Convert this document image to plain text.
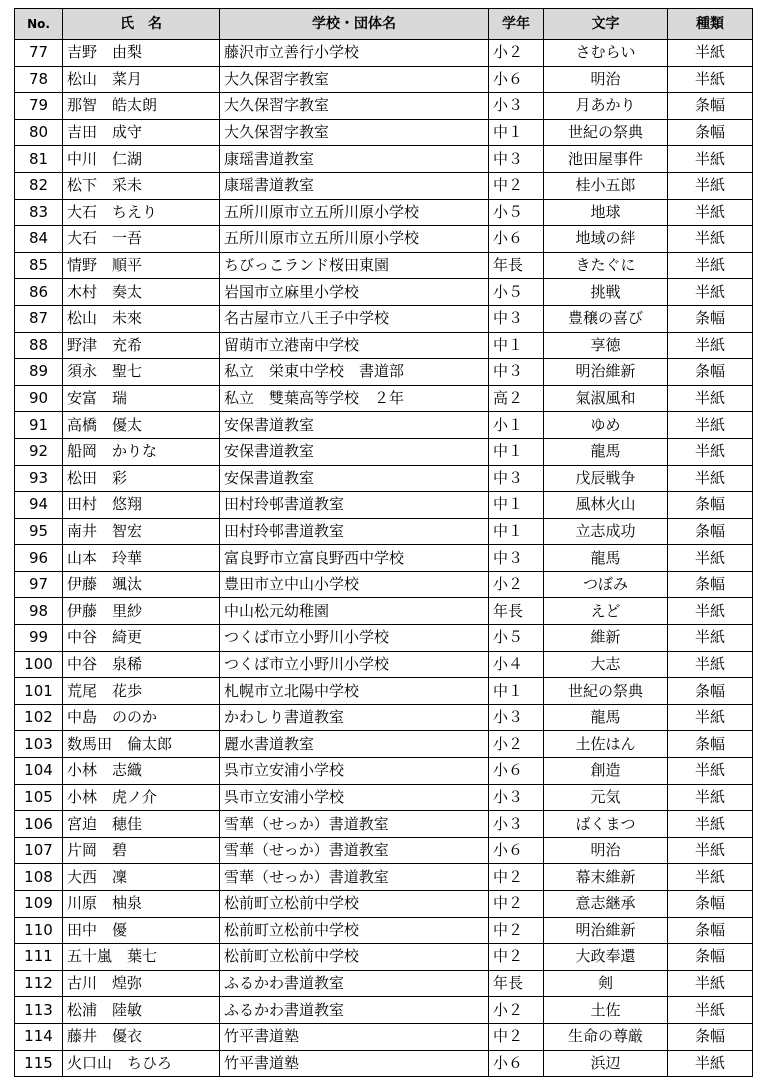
No.	氏　名	学校・団体名	学年	文字	種類
77	吉野　由梨	藤沢市立善行小学校	小２	さむらい	半紙
78	松山　菜月	大久保習字教室	小６	明治	半紙
79	那智　皓太朗	大久保習字教室	小３	月あかり	条幅
80	吉田　成守	大久保習字教室	中１	世紀の祭典	条幅
81	中川　仁湖	康瑶書道教室	中３	池田屋事件	半紙
82	松下　采未	康瑶書道教室	中２	桂小五郎	半紙
83	大石　ちえり	五所川原市立五所川原小学校	小５	地球	半紙
84	大石　一吾	五所川原市立五所川原小学校	小６	地域の絆	半紙
85	情野　順平	ちびっこランド桜田東園	年長	きたぐに	半紙
86	木村　奏太	岩国市立麻里小学校	小５	挑戦	半紙
87	松山　未來	名古屋市立八王子中学校	中３	豊穣の喜び	条幅
88	野津　充希	留萌市立港南中学校	中１	享徳	半紙
89	須永　聖七	私立　栄東中学校　書道部	中３	明治維新	条幅
90	安富　瑞	私立　雙葉高等学校　２年	高２	氣淑風和	半紙
91	高橋　優太	安保書道教室	小１	ゆめ	半紙
92	船岡　かりな	安保書道教室	中１	龍馬	半紙
93	松田　彩	安保書道教室	中３	戊辰戦争	半紙
94	田村　悠翔	田村玲邨書道教室	中１	風林火山	条幅
95	南井　智宏	田村玲邨書道教室	中１	立志成功	条幅
96	山本　玲華	富良野市立富良野西中学校	中３	龍馬	半紙
97	伊藤　颯汰	豊田市立中山小学校	小２	つぼみ	条幅
98	伊藤　里紗	中山松元幼稚園	年長	えど	半紙
99	中谷　綺更	つくば市立小野川小学校	小５	維新	半紙
100	中谷　泉稀	つくば市立小野川小学校	小４	大志	半紙
101	荒尾　花歩	札幌市立北陽中学校	中１	世紀の祭典	条幅
102	中島　ののか	かわしり書道教室	小３	龍馬	半紙
103	数馬田　倫太郎	麗水書道教室	小２	土佐はん	条幅
104	小林　志織	呉市立安浦小学校	小６	創造	半紙
105	小林　虎ノ介	呉市立安浦小学校	小３	元気	半紙
106	宮迫　穂佳	雪華（せっか）書道教室	小３	ばくまつ	半紙
107	片岡　碧	雪華（せっか）書道教室	小６	明治	半紙
108	大西　凜	雪華（せっか）書道教室	中２	幕末維新	半紙
109	川原　柚泉	松前町立松前中学校	中２	意志継承	条幅
110	田中　優	松前町立松前中学校	中２	明治維新	条幅
111	五十嵐　葉七	松前町立松前中学校	中２	大政奉還	条幅
112	古川　煌弥	ふるかわ書道教室	年長	剣	半紙
113	松浦　陸敏	ふるかわ書道教室	小２	土佐	半紙
114	藤井　優衣	竹平書道塾	中２	生命の尊厳	条幅
115	火口山　ちひろ	竹平書道塾	小６	浜辺	半紙
